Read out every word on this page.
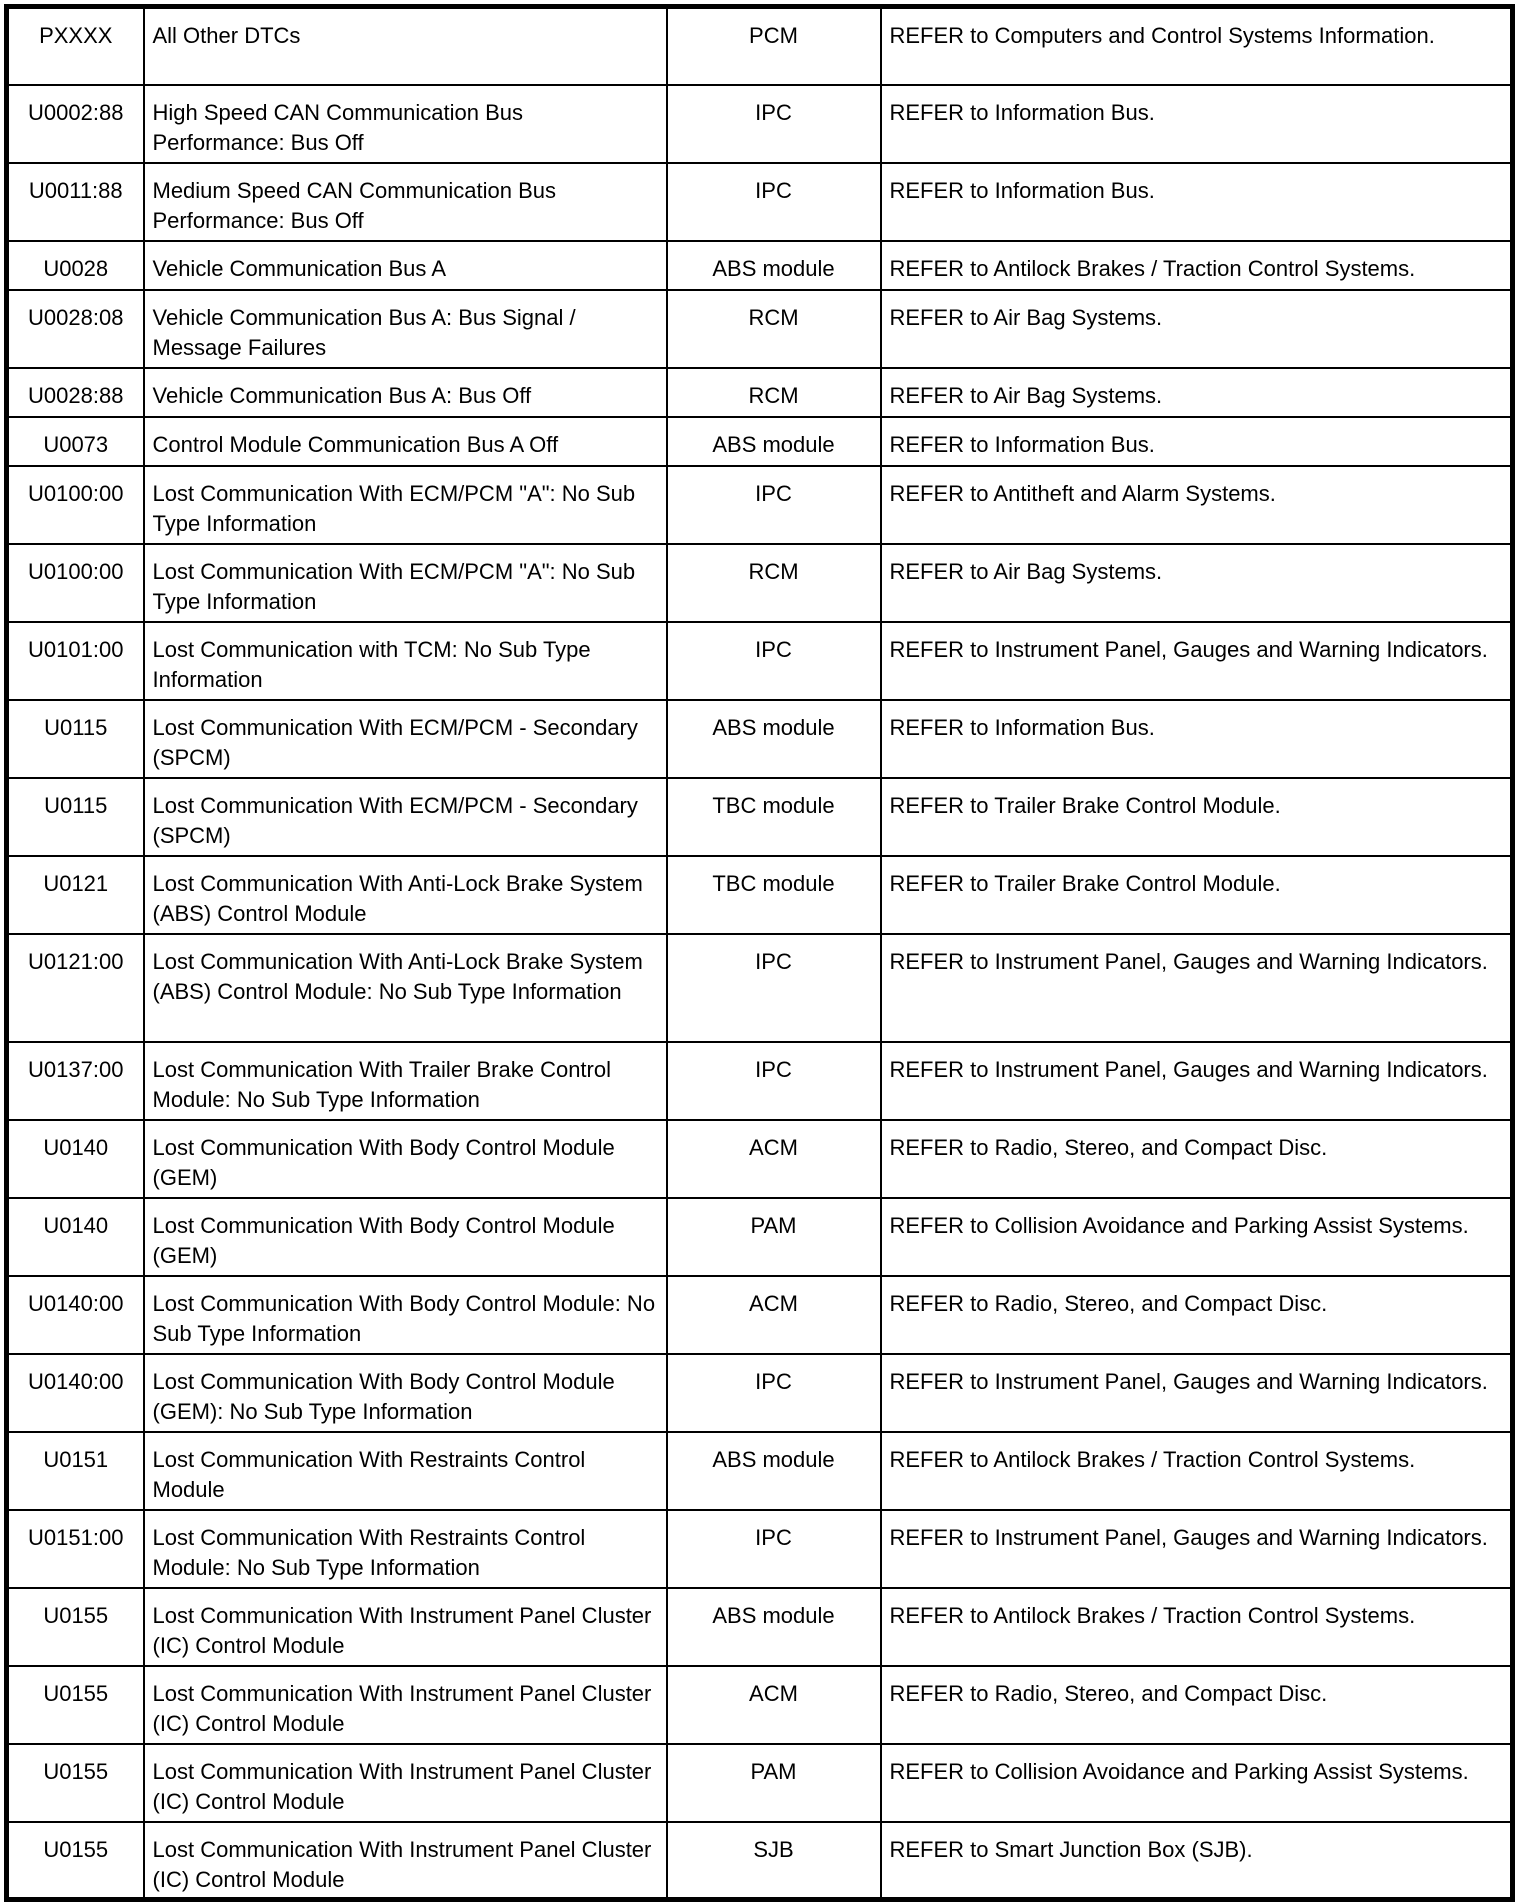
PXXXX	All Other DTCs	PCM	REFER to Computers and Control Systems Information.
U0002:88	High Speed CAN Communication Bus Performance: Bus Off	IPC	REFER to Information Bus.
U0011:88	Medium Speed CAN Communication Bus Performance: Bus Off	IPC	REFER to Information Bus.
U0028	Vehicle Communication Bus A	ABS module	REFER to Antilock Brakes / Traction Control Systems.
U0028:08	Vehicle Communication Bus A: Bus Signal / Message Failures	RCM	REFER to Air Bag Systems.
U0028:88	Vehicle Communication Bus A: Bus Off	RCM	REFER to Air Bag Systems.
U0073	Control Module Communication Bus A Off	ABS module	REFER to Information Bus.
U0100:00	Lost Communication With ECM/PCM "A": No Sub Type Information	IPC	REFER to Antitheft and Alarm Systems.
U0100:00	Lost Communication With ECM/PCM "A": No Sub Type Information	RCM	REFER to Air Bag Systems.
U0101:00	Lost Communication with TCM: No Sub Type Information	IPC	REFER to Instrument Panel, Gauges and Warning Indicators.
U0115	Lost Communication With ECM/PCM - Secondary (SPCM)	ABS module	REFER to Information Bus.
U0115	Lost Communication With ECM/PCM - Secondary (SPCM)	TBC module	REFER to Trailer Brake Control Module.
U0121	Lost Communication With Anti-Lock Brake System (ABS) Control Module	TBC module	REFER to Trailer Brake Control Module.
U0121:00	Lost Communication With Anti-Lock Brake System (ABS) Control Module: No Sub Type Information	IPC	REFER to Instrument Panel, Gauges and Warning Indicators.
U0137:00	Lost Communication With Trailer Brake Control Module: No Sub Type Information	IPC	REFER to Instrument Panel, Gauges and Warning Indicators.
U0140	Lost Communication With Body Control Module (GEM)	ACM	REFER to Radio, Stereo, and Compact Disc.
U0140	Lost Communication With Body Control Module (GEM)	PAM	REFER to Collision Avoidance and Parking Assist Systems.
U0140:00	Lost Communication With Body Control Module: No Sub Type Information	ACM	REFER to Radio, Stereo, and Compact Disc.
U0140:00	Lost Communication With Body Control Module (GEM): No Sub Type Information	IPC	REFER to Instrument Panel, Gauges and Warning Indicators.
U0151	Lost Communication With Restraints Control Module	ABS module	REFER to Antilock Brakes / Traction Control Systems.
U0151:00	Lost Communication With Restraints Control Module: No Sub Type Information	IPC	REFER to Instrument Panel, Gauges and Warning Indicators.
U0155	Lost Communication With Instrument Panel Cluster (IC) Control Module	ABS module	REFER to Antilock Brakes / Traction Control Systems.
U0155	Lost Communication With Instrument Panel Cluster (IC) Control Module	ACM	REFER to Radio, Stereo, and Compact Disc.
U0155	Lost Communication With Instrument Panel Cluster (IC) Control Module	PAM	REFER to Collision Avoidance and Parking Assist Systems.
U0155	Lost Communication With Instrument Panel Cluster (IC) Control Module	SJB	REFER to Smart Junction Box (SJB).
